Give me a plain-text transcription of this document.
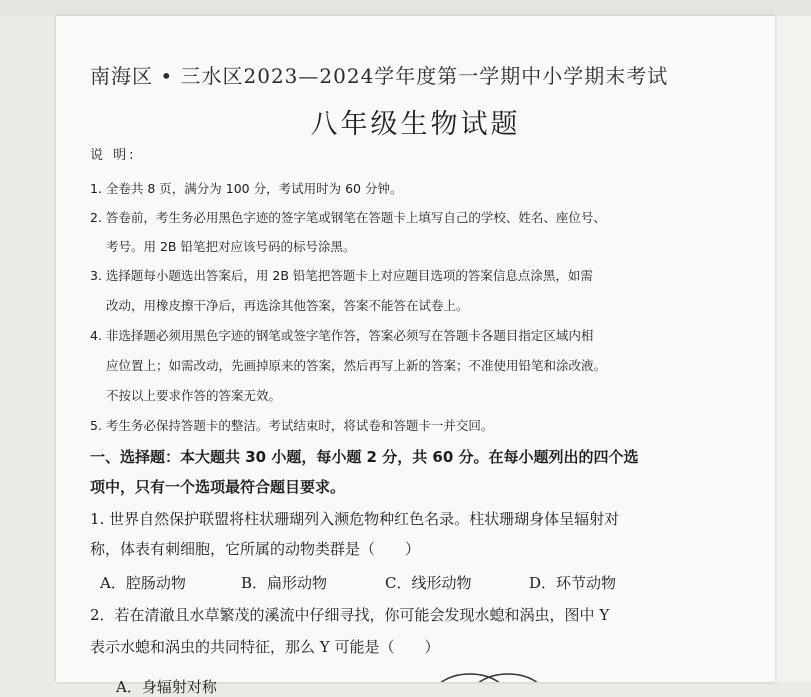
南海区 • 三水区2023—2024学年度第一学期中小学期末考试
八年级生物试题
说 明:
1. 全卷共 8 页，满分为 100 分，考试用时为 60 分钟。
2. 答卷前，考生务必用黑色字迹的签字笔或钢笔在答题卡上填写自己的学校、姓名、座位号、
考号。用 2B 铅笔把对应该号码的标号涂黑。
3. 选择题每小题选出答案后，用 2B 铅笔把答题卡上对应题目选项的答案信息点涂黑，如需
改动，用橡皮擦干净后，再选涂其他答案，答案不能答在试卷上。
4. 非选择题必须用黑色字迹的钢笔或签字笔作答，答案必须写在答题卡各题目指定区域内相
应位置上；如需改动，先画掉原来的答案，然后再写上新的答案；不准使用铅笔和涂改液。
不按以上要求作答的答案无效。
5. 考生务必保持答题卡的整洁。考试结束时，将试卷和答题卡一并交回。
一、选择题：本大题共 30 小题，每小题 2 分，共 60 分。在每小题列出的四个选
项中，只有一个选项最符合题目要求。
1. 世界自然保护联盟将柱状珊瑚列入濒危物种红色名录。柱状珊瑚身体呈辐射对
称，体表有刺细胞，它所属的动物类群是（　　）
A．腔肠动物	B．扁形动物	C．线形动物	D．环节动物
2．若在清澈且水草繁茂的溪流中仔细寻找，你可能会发现水螅和涡虫，图中 Y
表示水螅和涡虫的共同特征，那么 Y 可能是（　　）
A．身辐射对称
